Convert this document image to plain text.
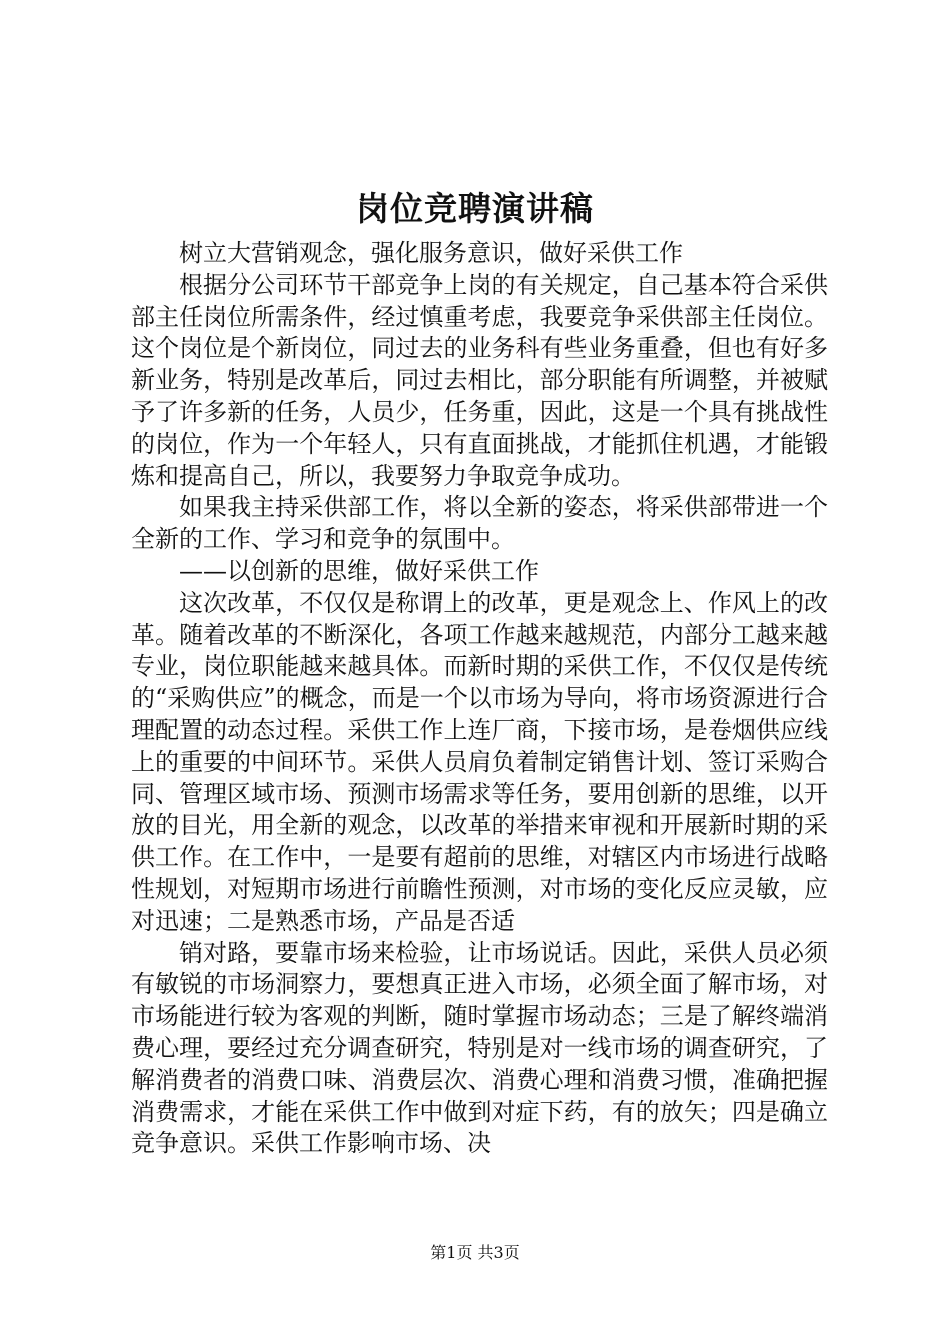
岗位竞聘演讲稿

树立大营销观念，强化服务意识，做好采供工作

根据分公司环节干部竞争上岗的有关规定，自己基本符合采供部主任岗位所需条件，经过慎重考虑，我要竞争采供部主任岗位。这个岗位是个新岗位，同过去的业务科有些业务重叠，但也有好多新业务，特别是改革后，同过去相比，部分职能有所调整，并被赋予了许多新的任务，人员少，任务重，因此，这是一个具有挑战性的岗位，作为一个年轻人，只有直面挑战，才能抓住机遇，才能锻炼和提高自己，所以，我要努力争取竞争成功。

如果我主持采供部工作，将以全新的姿态，将采供部带进一个全新的工作、学习和竞争的氛围中。

——以创新的思维，做好采供工作

这次改革，不仅仅是称谓上的改革，更是观念上、作风上的改革。随着改革的不断深化，各项工作越来越规范，内部分工越来越专业，岗位职能越来越具体。而新时期的采供工作，不仅仅是传统的“采购供应”的概念，而是一个以市场为导向，将市场资源进行合理配置的动态过程。采供工作上连厂商，下接市场，是卷烟供应线上的重要的中间环节。采供人员肩负着制定销售计划、签订采购合同、管理区域市场、预测市场需求等任务，要用创新的思维，以开放的目光，用全新的观念，以改革的举措来审视和开展新时期的采供工作。在工作中，一是要有超前的思维，对辖区内市场进行战略性规划，对短期市场进行前瞻性预测，对市场的变化反应灵敏，应对迅速；二是熟悉市场，产品是否适

销对路，要靠市场来检验，让市场说话。因此，采供人员必须有敏锐的市场洞察力，要想真正进入市场，必须全面了解市场，对市场能进行较为客观的判断，随时掌握市场动态；三是了解终端消费心理，要经过充分调查研究，特别是对一线市场的调查研究，了解消费者的消费口味、消费层次、消费心理和消费习惯，准确把握消费需求，才能在采供工作中做到对症下药，有的放矢；四是确立竞争意识。采供工作影响市场、决

第1页 共3页
